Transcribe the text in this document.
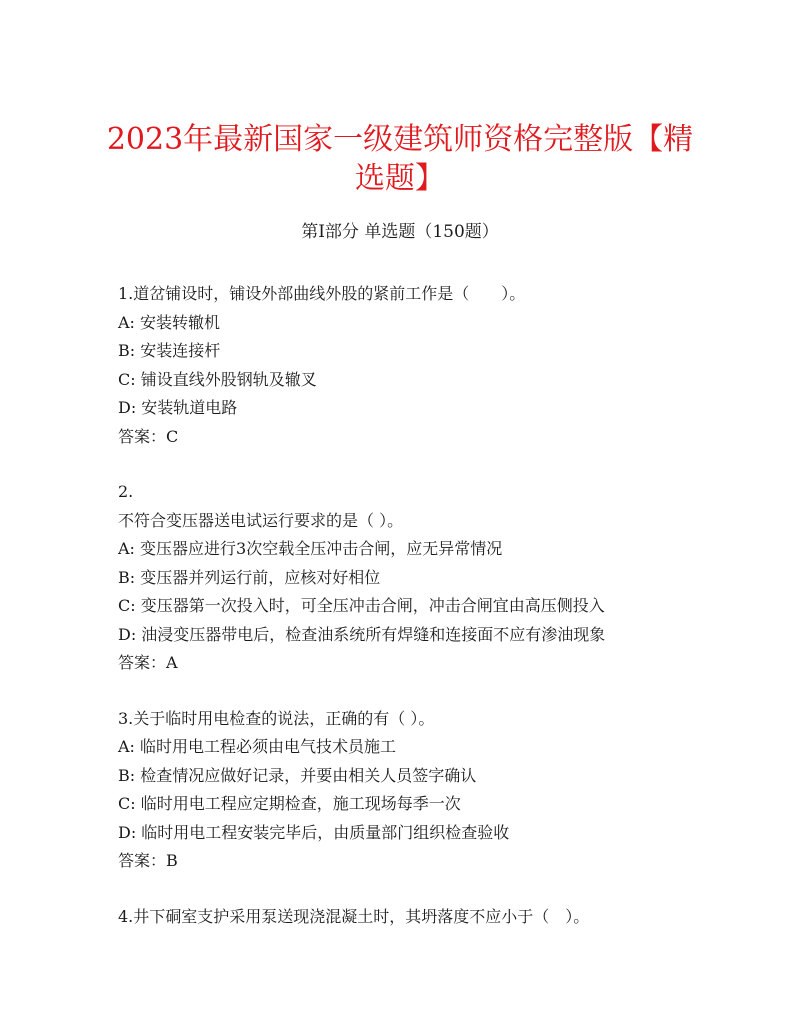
2023年最新国家一级建筑师资格完整版【精
选题】
第I部分 单选题（150题）
1.道岔铺设时，铺设外部曲线外股的紧前工作是（　　）。
A: 安装转辙机
B: 安装连接杆
C: 铺设直线外股钢轨及辙叉
D: 安装轨道电路
答案：C
2.
不符合变压器送电试运行要求的是（ ）。
A: 变压器应进行3次空载全压冲击合闸，应无异常情况
B: 变压器并列运行前，应核对好相位
C: 变压器第一次投入时，可全压冲击合闸，冲击合闸宜由高压侧投入
D: 油浸变压器带电后，检查油系统所有焊缝和连接面不应有渗油现象
答案：A
3.关于临时用电检查的说法，正确的有（ ）。
A: 临时用电工程必须由电气技术员施工
B: 检查情况应做好记录，并要由相关人员签字确认
C: 临时用电工程应定期检查，施工现场每季一次
D: 临时用电工程安装完毕后，由质量部门组织检查验收
答案：B
4.井下硐室支护采用泵送现浇混凝土时，其坍落度不应小于（　）。
